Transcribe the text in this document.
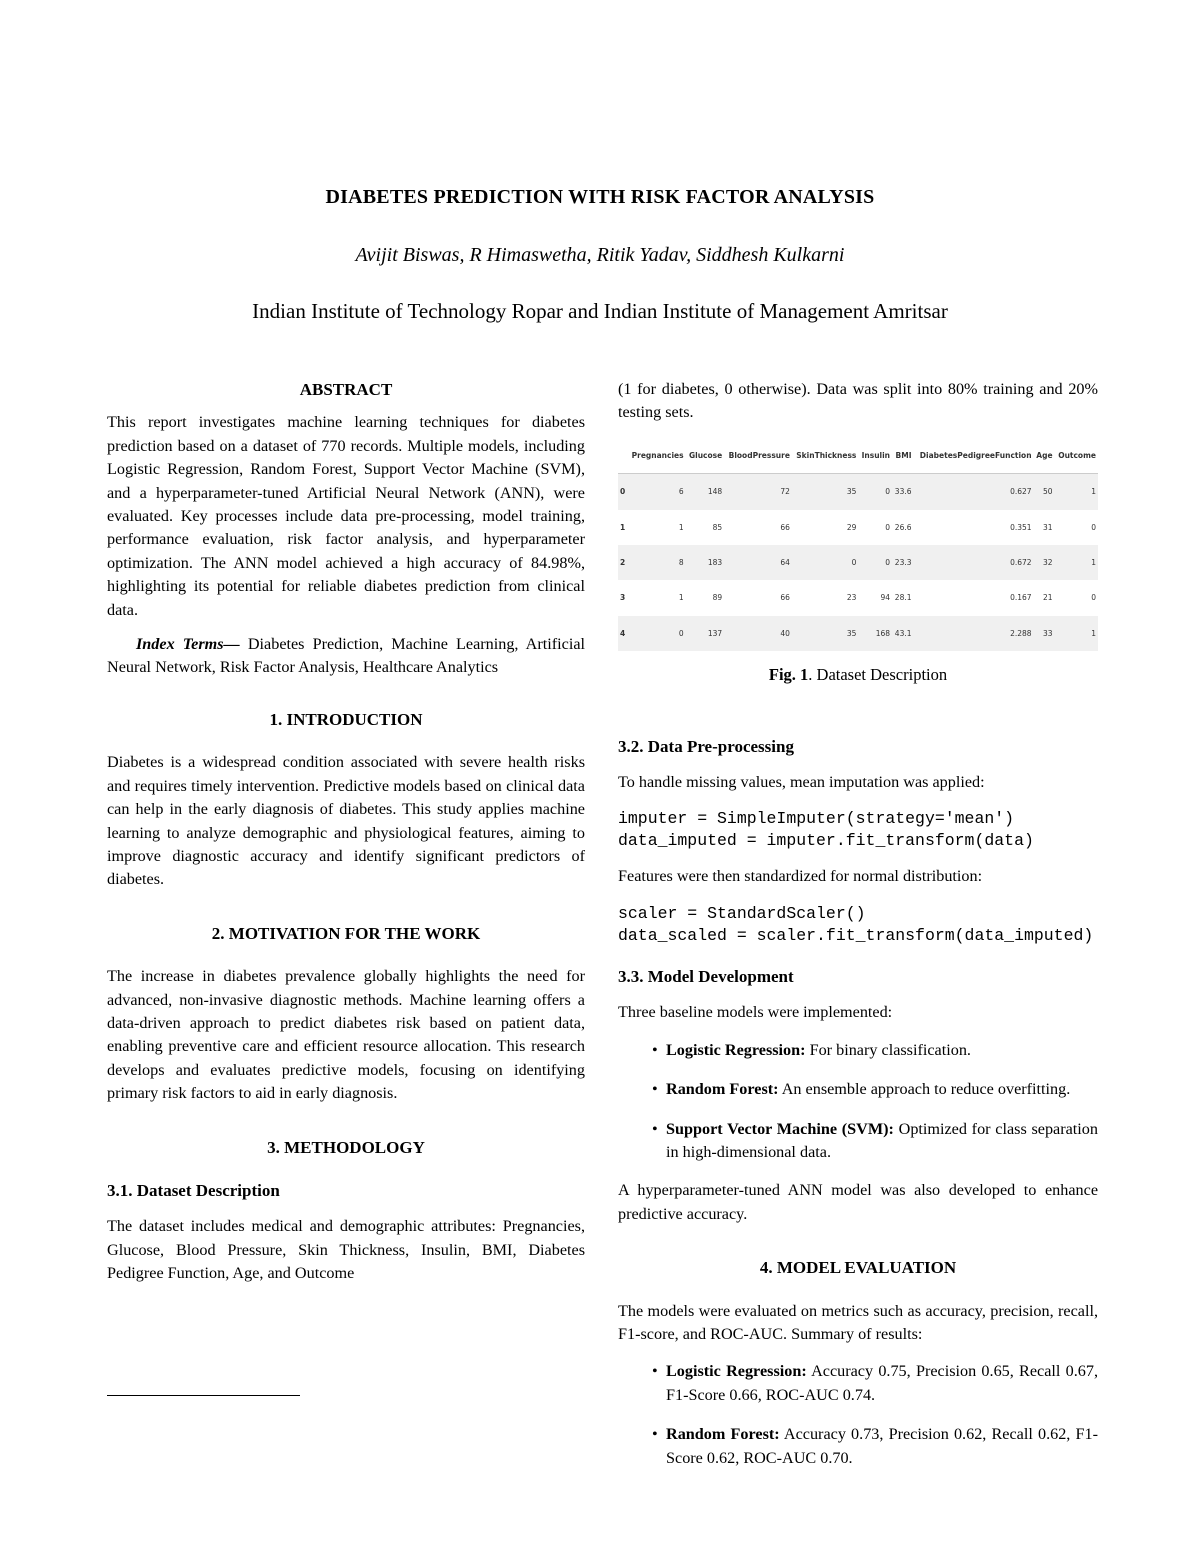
DIABETES PREDICTION WITH RISK FACTOR ANALYSIS
Avijit Biswas, R Himaswetha, Ritik Yadav, Siddhesh Kulkarni
Indian Institute of Technology Ropar and Indian Institute of Management Amritsar

ABSTRACT

This report investigates machine learning techniques for diabetes prediction based on a dataset of 770 records. Multiple models, including Logistic Regression, Random Forest, Support Vector Machine (SVM), and a hyperparameter-tuned Artificial Neural Network (ANN), were evaluated. Key processes include data pre-processing, model training, performance evaluation, risk factor analysis, and hyperparameter optimization. The ANN model achieved a high accuracy of 84.98%, highlighting its potential for reliable diabetes prediction from clinical data.

Index Terms— Diabetes Prediction, Machine Learning, Artificial Neural Network, Risk Factor Analysis, Healthcare Analytics

1. INTRODUCTION

Diabetes is a widespread condition associated with severe health risks and requires timely intervention. Predictive models based on clinical data can help in the early diagnosis of diabetes. This study applies machine learning to analyze demographic and physiological features, aiming to improve diagnostic accuracy and identify significant predictors of diabetes.

2. MOTIVATION FOR THE WORK

The increase in diabetes prevalence globally highlights the need for advanced, non-invasive diagnostic methods. Machine learning offers a data-driven approach to predict diabetes risk based on patient data, enabling preventive care and efficient resource allocation. This research develops and evaluates predictive models, focusing on identifying primary risk factors to aid in early diagnosis.

3. METHODOLOGY

3.1. Dataset Description

The dataset includes medical and demographic attributes: Pregnancies, Glucose, Blood Pressure, Skin Thickness, Insulin, BMI, Diabetes Pedigree Function, Age, and Outcome

(1 for diabetes, 0 otherwise). Data was split into 80% training and 20% testing sets.

	Pregnancies	Glucose	BloodPressure	SkinThickness	Insulin	BMI	DiabetesPedigreeFunction	Age	Outcome
0	6	148	72	35	0	33.6	0.627	50	1
1	1	85	66	29	0	26.6	0.351	31	0
2	8	183	64	0	0	23.3	0.672	32	1
3	1	89	66	23	94	28.1	0.167	21	0
4	0	137	40	35	168	43.1	2.288	33	1

Fig. 1. Dataset Description

3.2. Data Pre-processing

To handle missing values, mean imputation was applied:

imputer = SimpleImputer(strategy='mean')
data_imputed = imputer.fit_transform(data)

Features were then standardized for normal distribution:

scaler = StandardScaler()
data_scaled = scaler.fit_transform(data_imputed)

3.3. Model Development

Three baseline models were implemented:

• Logistic Regression: For binary classification.
• Random Forest: An ensemble approach to reduce overfitting.
• Support Vector Machine (SVM): Optimized for class separation in high-dimensional data.

A hyperparameter-tuned ANN model was also developed to enhance predictive accuracy.

4. MODEL EVALUATION

The models were evaluated on metrics such as accuracy, precision, recall, F1-score, and ROC-AUC. Summary of results:

• Logistic Regression: Accuracy 0.75, Precision 0.65, Recall 0.67, F1-Score 0.66, ROC-AUC 0.74.
• Random Forest: Accuracy 0.73, Precision 0.62, Recall 0.62, F1-Score 0.62, ROC-AUC 0.70.
